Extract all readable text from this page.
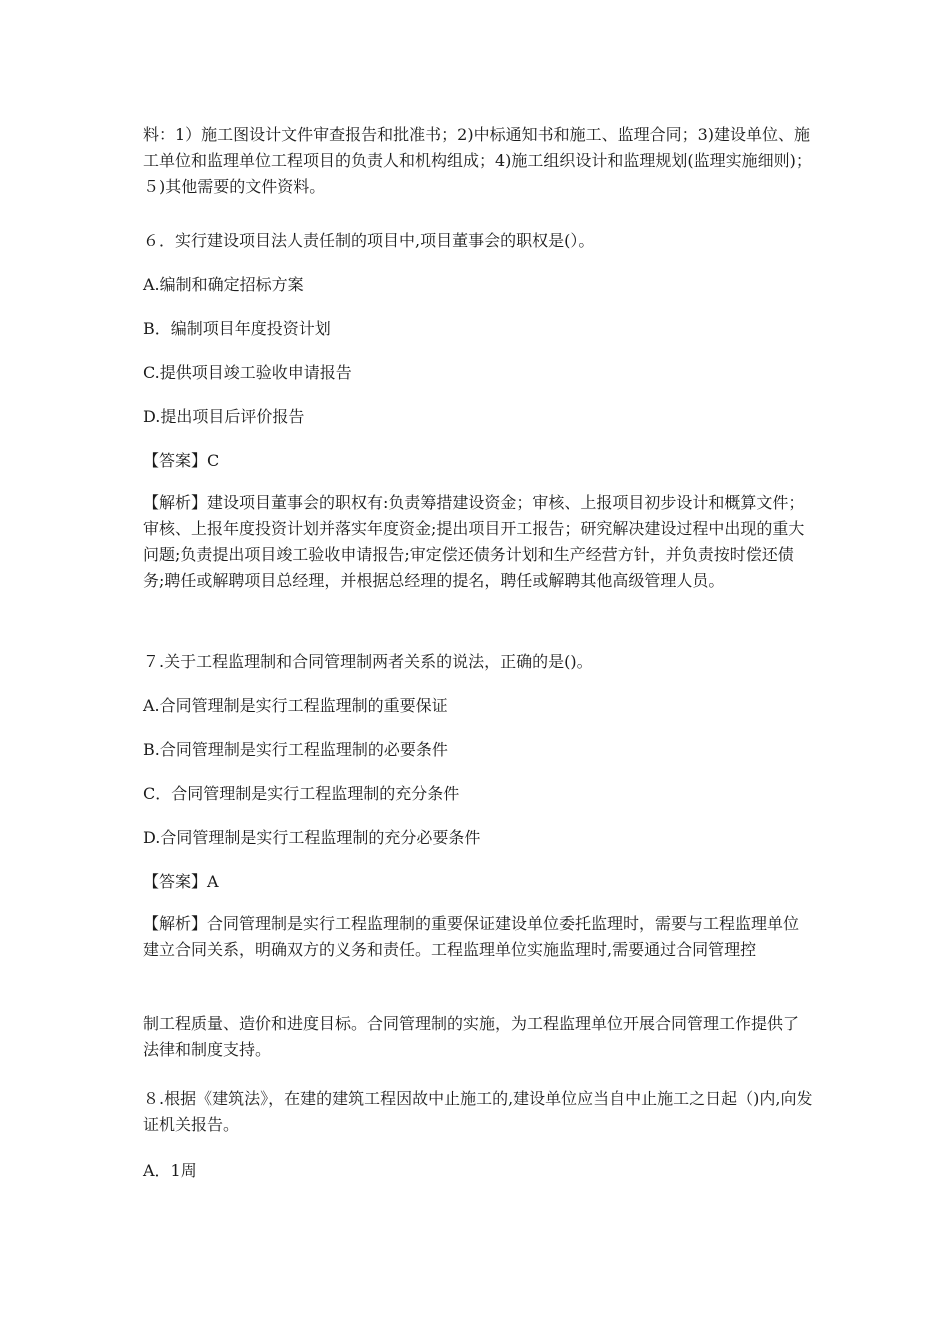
料：1）施工图设计文件审查报告和批准书；2)中标通知书和施工、监理合同；3)建设单位、施工单位和监理单位工程项目的负责人和机构组成；4)施工组织设计和监理规划(监理实施细则)；５)其他需要的文件资料。

６．实行建设项目法人责任制的项目中,项目董事会的职权是(）。

A.编制和确定招标方案

B．编制项目年度投资计划

C.提供项目竣工验收申请报告

D.提出项目后评价报告

【答案】C

【解析】建设项目董事会的职权有:负责筹措建设资金；审核、上报项目初步设计和概算文件；审核、上报年度投资计划并落实年度资金;提出项目开工报告；研究解决建设过程中出现的重大问题;负责提出项目竣工验收申请报告;审定偿还债务计划和生产经营方针，并负责按时偿还债务;聘任或解聘项目总经理，并根据总经理的提名，聘任或解聘其他高级管理人员。

７.关于工程监理制和合同管理制两者关系的说法，正确的是()。

A.合同管理制是实行工程监理制的重要保证

B.合同管理制是实行工程监理制的必要条件

C．合同管理制是实行工程监理制的充分条件

D.合同管理制是实行工程监理制的充分必要条件

【答案】A

【解析】合同管理制是实行工程监理制的重要保证建设单位委托监理时，需要与工程监理单位建立合同关系，明确双方的义务和责任。工程监理单位实施监理时,需要通过合同管理控

制工程质量、造价和进度目标。合同管理制的实施，为工程监理单位开展合同管理工作提供了法律和制度支持。

８.根据《建筑法》，在建的建筑工程因故中止施工的,建设单位应当自中止施工之日起（)内,向发证机关报告。

A．1周
